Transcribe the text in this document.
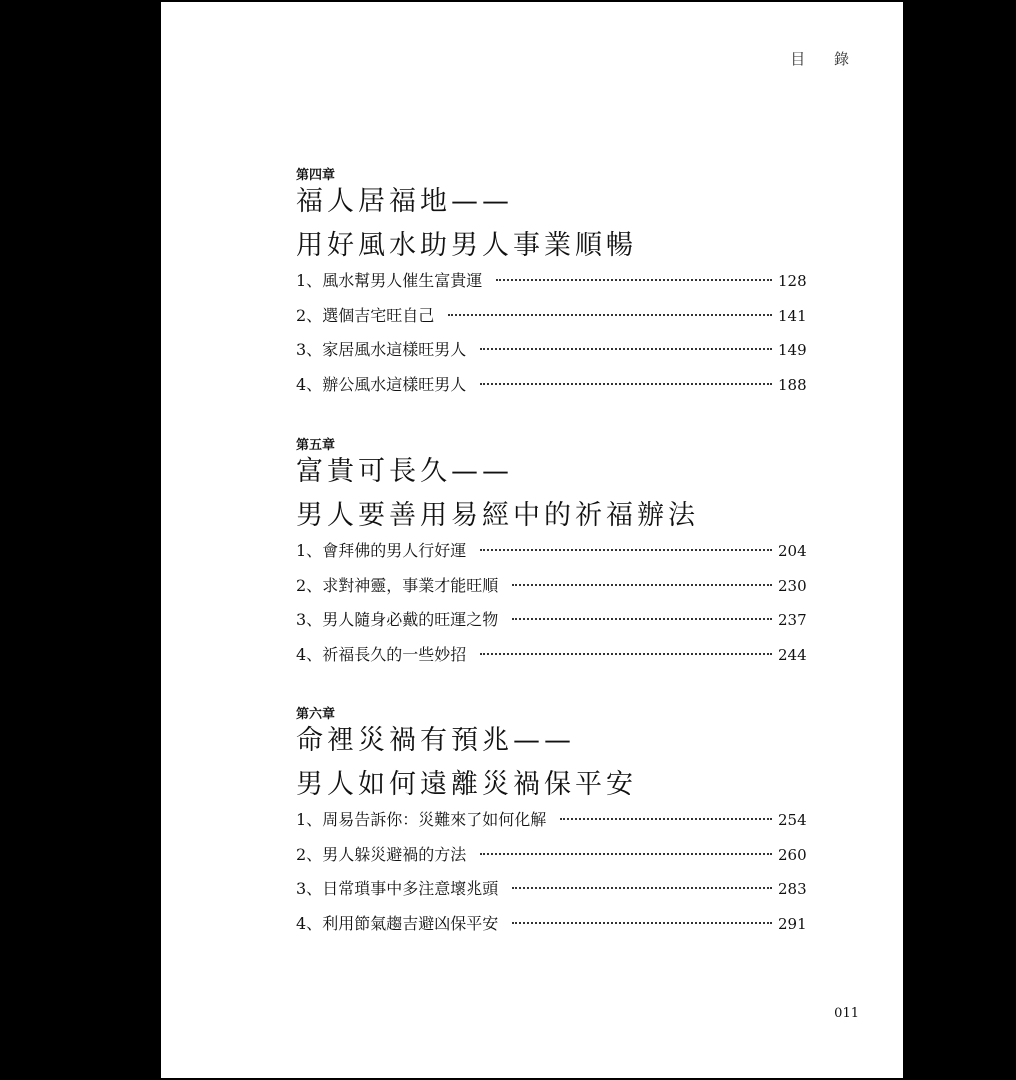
目 錄

第四章

福人居福地——
用好風水助男人事業順暢
1、 風水幫男人催生富貴運	128
2、 選個吉宅旺自己	141
3、 家居風水這樣旺男人	149
4、 辦公風水這樣旺男人	188

第五章

富貴可長久——
男人要善用易經中的祈福辦法
1、 會拜佛的男人行好運	204
2、 求對神靈，事業才能旺順	230
3、 男人隨身必戴的旺運之物	237
4、 祈福長久的一些妙招	244

第六章

命裡災禍有預兆——
男人如何遠離災禍保平安
1、 周易告訴你：災難來了如何化解	254
2、 男人躲災避禍的方法	260
3、 日常瑣事中多注意壞兆頭	283
4、 利用節氣趨吉避凶保平安	291
011
